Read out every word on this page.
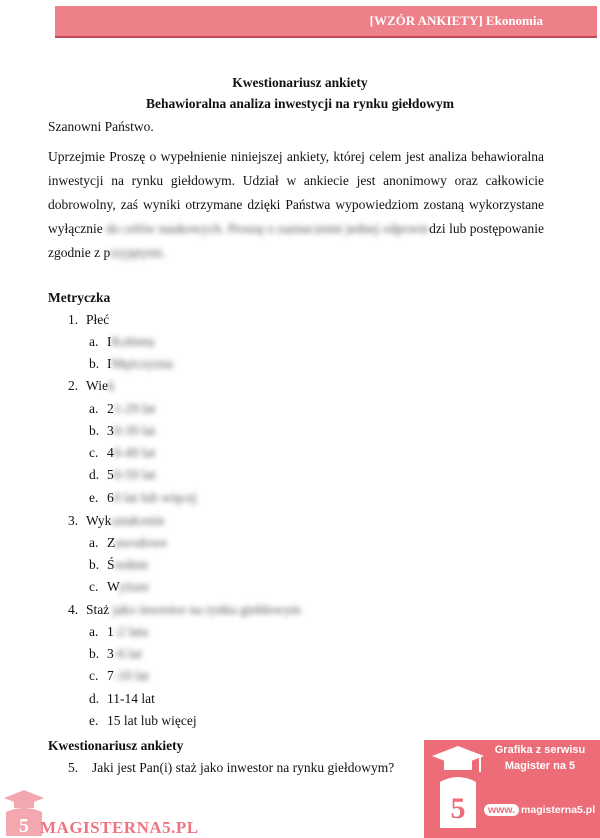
[WZÓR ANKIETY] Ekonomia
Kwestionariusz ankiety
Behawioralna analiza inwestycji na rynku giełdowym
Szanowni Państwo.
Uprzejmie Proszę o wypełnienie niniejszej ankiety, której celem jest analiza behawioralna inwestycji na rynku giełdowym. Udział w ankiecie jest anonimowy oraz całkowicie dobrowolny, zaś wyniki otrzymane dzięki Państwa wypowiedziom zostaną wykorzystane wyłącznie do celów naukowych. Proszę o zaznaczenie jednej odpowiedzi lub postępowanie zgodnie z przyjętymi.
Metryczka
1. Płeć
a. IKobieta
b. IMężczyzna
2. Wiek
a. 21-29 lat
b. 30-39 lat
c. 40-49 lat
d. 50-59 lat
e. 60 lat lub więcej
3. Wykształcenie
a. Zawodowe
b. Średnie
c. Wyższe
4. Staż jako inwestor na rynku giełdowym
a. 1-2 lata
b. 3-6 lat
c. 7-10 lat
d. 11-14 lat
e. 15 lat lub więcej
Kwestionariusz ankiety
5. Jaki jest Pan(i) staż jako inwestor na rynku giełdowym?
5
Grafika z serwisu
Magister na 5
www. magisterna5.pl
5 MAGISTERNA5.PL
